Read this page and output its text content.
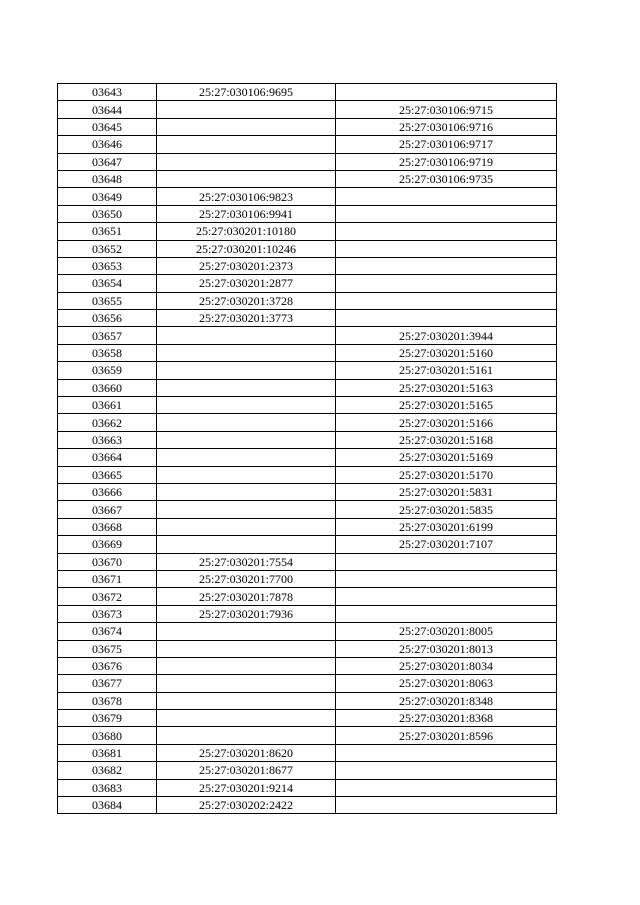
03643	25:27:030106:9695	
03644		25:27:030106:9715
03645		25:27:030106:9716
03646		25:27:030106:9717
03647		25:27:030106:9719
03648		25:27:030106:9735
03649	25:27:030106:9823	
03650	25:27:030106:9941	
03651	25:27:030201:10180	
03652	25:27:030201:10246	
03653	25:27:030201:2373	
03654	25:27:030201:2877	
03655	25:27:030201:3728	
03656	25:27:030201:3773	
03657		25:27:030201:3944
03658		25:27:030201:5160
03659		25:27:030201:5161
03660		25:27:030201:5163
03661		25:27:030201:5165
03662		25:27:030201:5166
03663		25:27:030201:5168
03664		25:27:030201:5169
03665		25:27:030201:5170
03666		25:27:030201:5831
03667		25:27:030201:5835
03668		25:27:030201:6199
03669		25:27:030201:7107
03670	25:27:030201:7554	
03671	25:27:030201:7700	
03672	25:27:030201:7878	
03673	25:27:030201:7936	
03674		25:27:030201:8005
03675		25:27:030201:8013
03676		25:27:030201:8034
03677		25:27:030201:8063
03678		25:27:030201:8348
03679		25:27:030201:8368
03680		25:27:030201:8596
03681	25:27:030201:8620	
03682	25:27:030201:8677	
03683	25:27:030201:9214	
03684	25:27:030202:2422	
